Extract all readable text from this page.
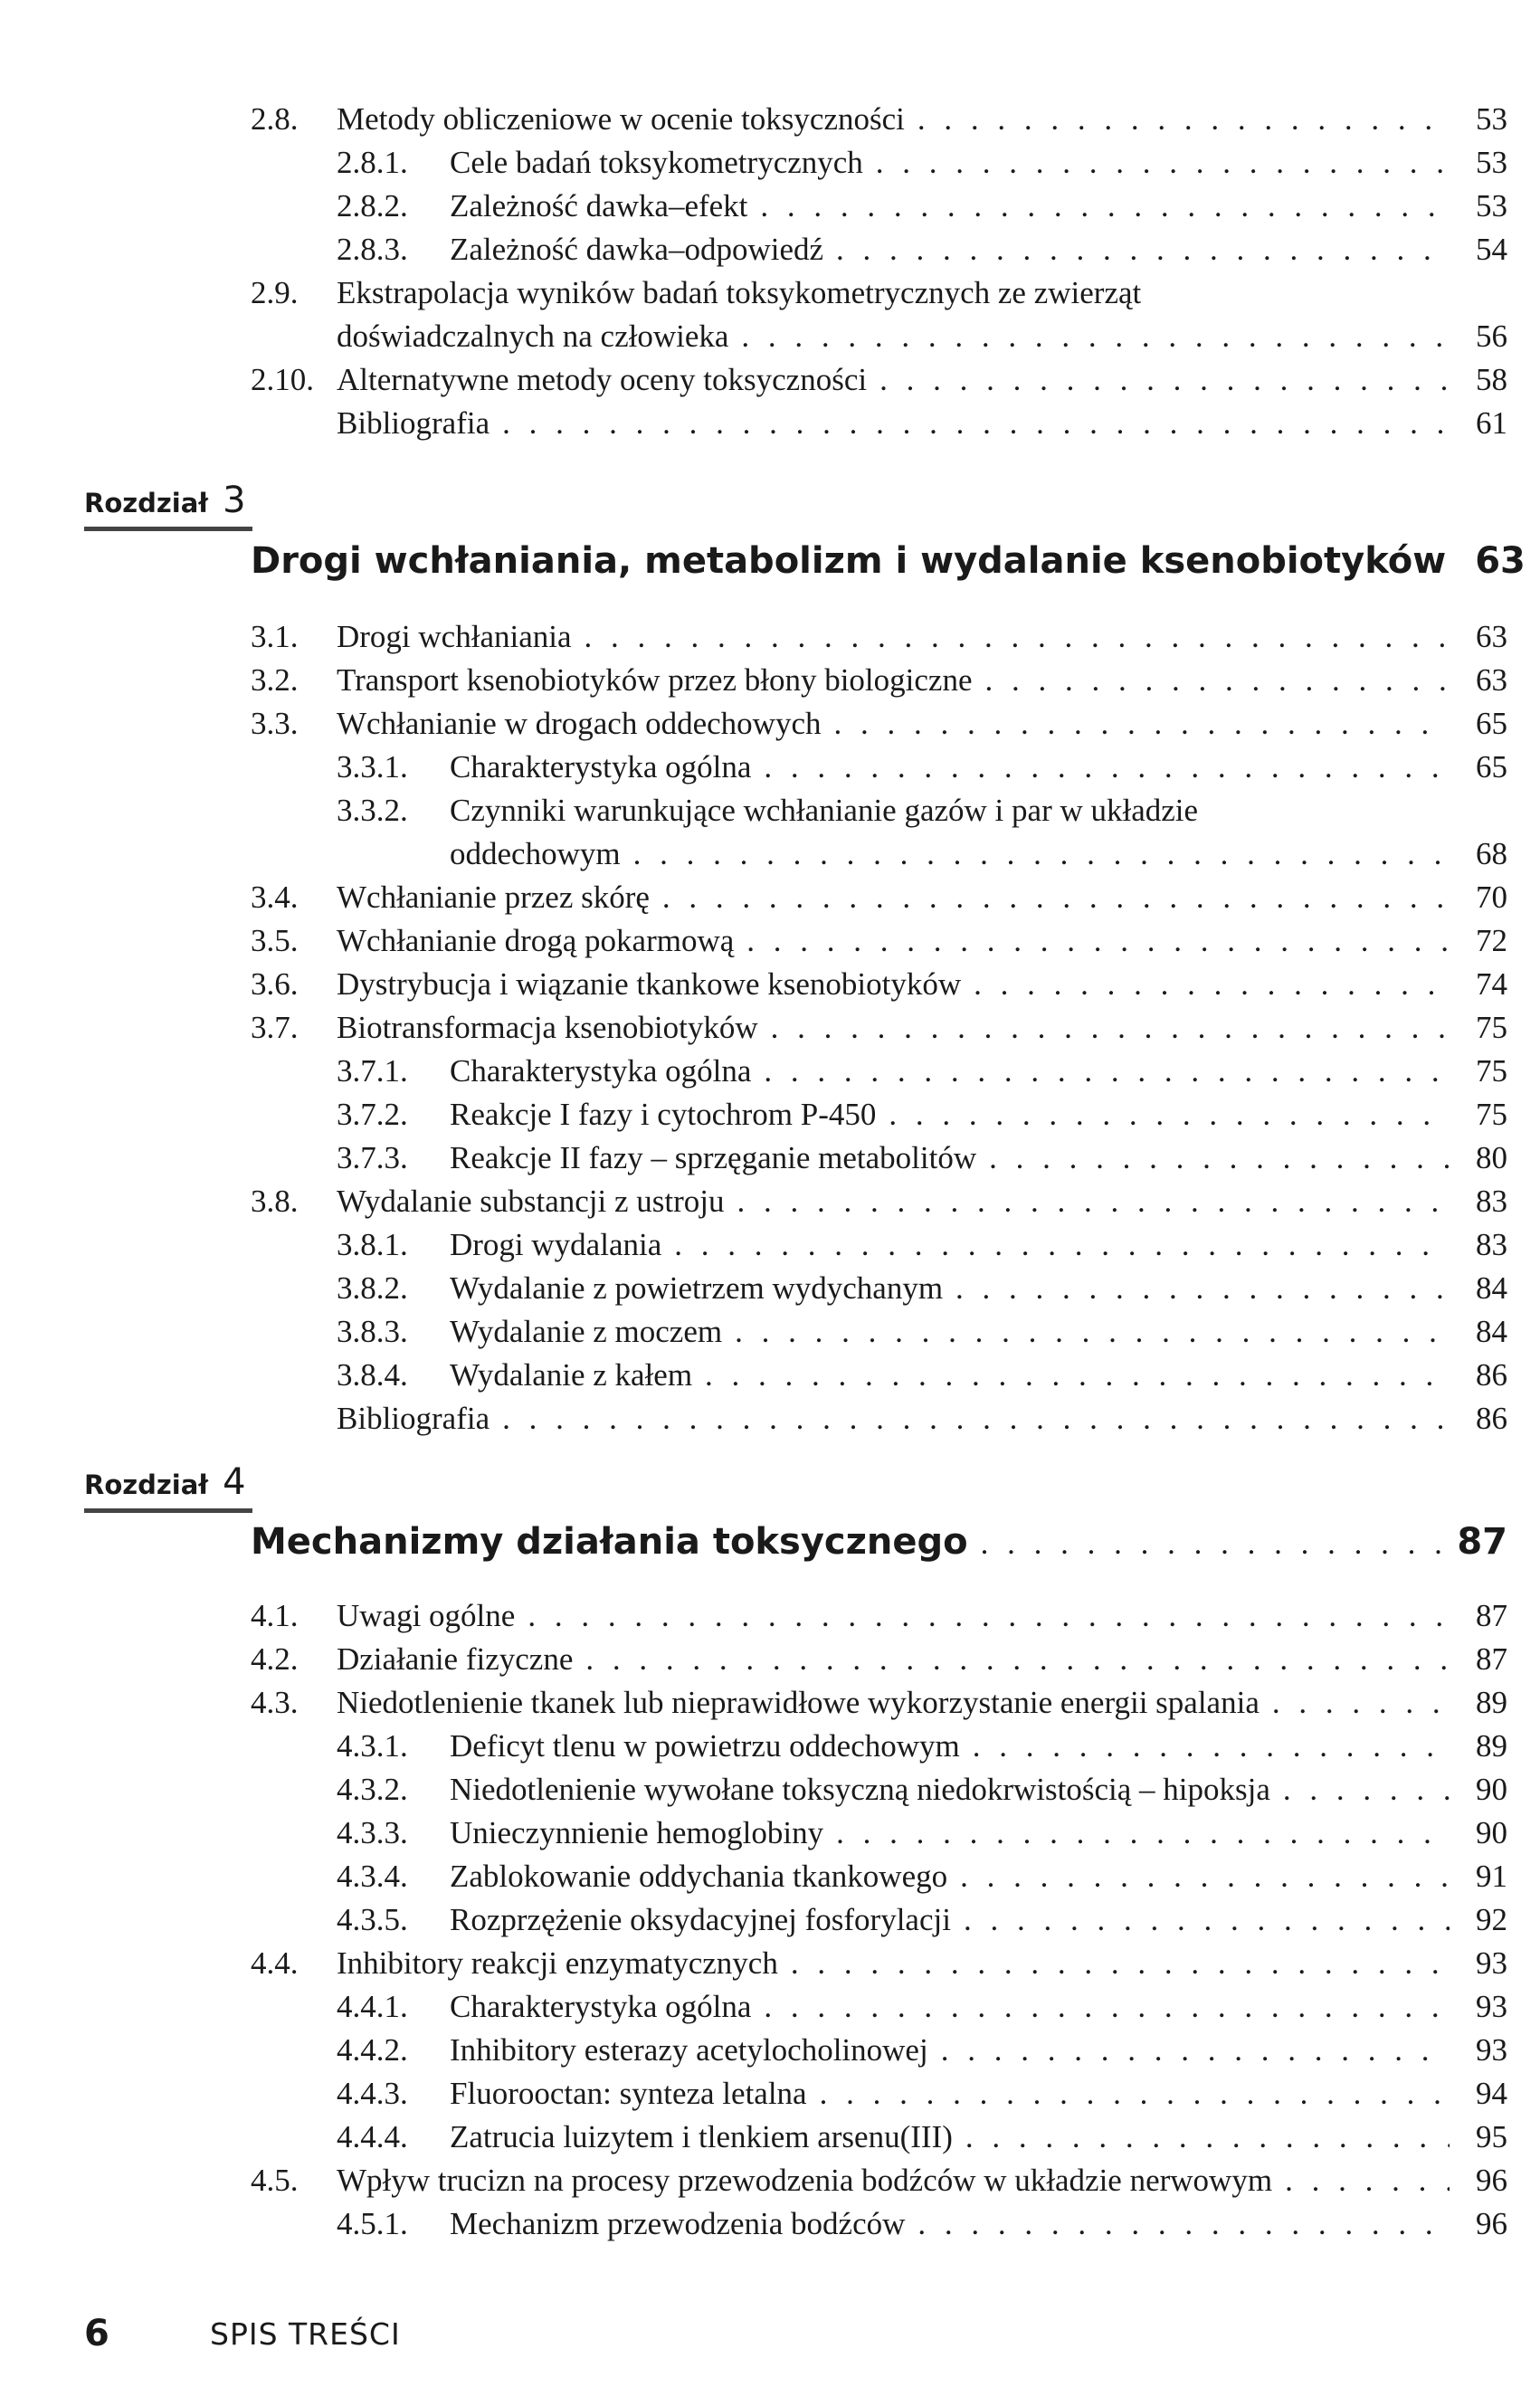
2.8. Metody obliczeniowe w ocenie toksyczności . . .	53
2.8.1. Cele badań toksykometrycznych . . .	53
2.8.2. Zależność dawka–efekt . . .	53
2.8.3. Zależność dawka–odpowiedź . . .	54
2.9. Ekstrapolacja wyników badań toksykometrycznych ze zwierząt
doświadczalnych na człowieka . . .	56
2.10. Alternatywne metody oceny toksyczności . . .	58
Bibliografia . . .	61
Rozdział 3
Drogi wchłaniania, metabolizm i wydalanie ksenobiotyków 63
3.1. Drogi wchłaniania . . .	63
3.2. Transport ksenobiotyków przez błony biologiczne . . .	63
3.3. Wchłanianie w drogach oddechowych . . .	65
3.3.1. Charakterystyka ogólna . . .	65
3.3.2. Czynniki warunkujące wchłanianie gazów i par w układzie
oddechowym . . .	68
3.4. Wchłanianie przez skórę . . .	70
3.5. Wchłanianie drogą pokarmową . . .	72
3.6. Dystrybucja i wiązanie tkankowe ksenobiotyków . . .	74
3.7. Biotransformacja ksenobiotyków . . .	75
3.7.1. Charakterystyka ogólna . . .	75
3.7.2. Reakcje I fazy i cytochrom P-450 . . .	75
3.7.3. Reakcje II fazy – sprzęganie metabolitów . . .	80
3.8. Wydalanie substancji z ustroju . . .	83
3.8.1. Drogi wydalania . . .	83
3.8.2. Wydalanie z powietrzem wydychanym . . .	84
3.8.3. Wydalanie z moczem . . .	84
3.8.4. Wydalanie z kałem . . .	86
Bibliografia . . .	86
Rozdział 4
Mechanizmy działania toksycznego . . .	87
4.1. Uwagi ogólne . . .	87
4.2. Działanie fizyczne . . .	87
4.3. Niedotlenienie tkanek lub nieprawidłowe wykorzystanie energii spalania . . .	89
4.3.1. Deficyt tlenu w powietrzu oddechowym . . .	89
4.3.2. Niedotlenienie wywołane toksyczną niedokrwistością – hipoksja . . .	90
4.3.3. Unieczynnienie hemoglobiny . . .	90
4.3.4. Zablokowanie oddychania tkankowego . . .	91
4.3.5. Rozprzężenie oksydacyjnej fosforylacji . . .	92
4.4. Inhibitory reakcji enzymatycznych . . .	93
4.4.1. Charakterystyka ogólna . . .	93
4.4.2. Inhibitory esterazy acetylocholinowej . . .	93
4.4.3. Fluorooctan: synteza letalna . . .	94
4.4.4. Zatrucia luizytem i tlenkiem arsenu(III) . . .	95
4.5. Wpływ trucizn na procesy przewodzenia bodźców w układzie nerwowym . . .	96
4.5.1. Mechanizm przewodzenia bodźców . . .	96
6	SPIS TREŚCI
